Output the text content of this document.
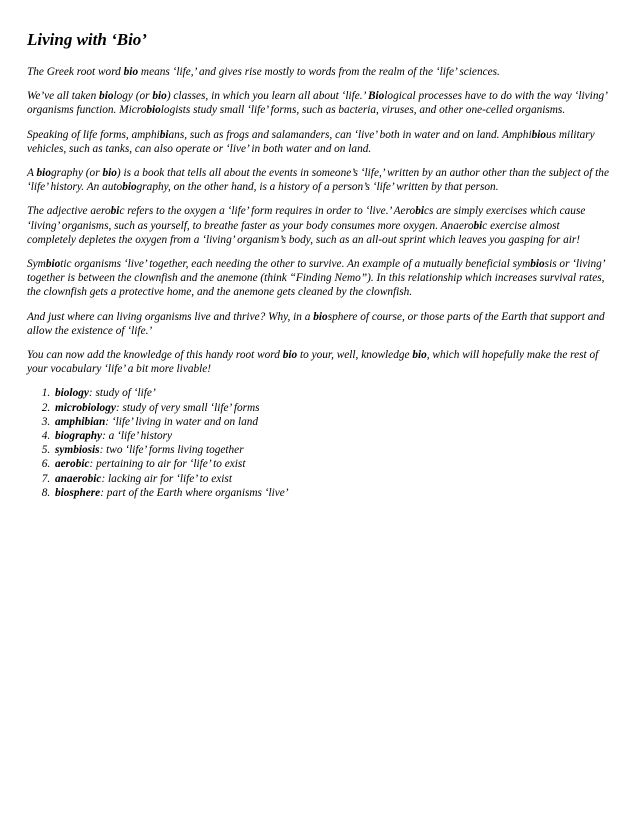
Living with ‘Bio’

The Greek root word bio means ‘life,’ and gives rise mostly to words from the realm of the ‘life’ sciences.

We’ve all taken biology (or bio) classes, in which you learn all about ‘life.’ Biological processes have to do with the way ‘living’ organisms function. Microbiologists study small ‘life’ forms, such as bacteria, viruses, and other one-celled organisms.

Speaking of life forms, amphibians, such as frogs and salamanders, can ‘live’ both in water and on land. Amphibious military vehicles, such as tanks, can also operate or ‘live’ in both water and on land.

A biography (or bio) is a book that tells all about the events in someone’s ‘life,’ written by an author other than the subject of the ‘life’ history. An autobiography, on the other hand, is a history of a person’s ‘life’ written by that person.

The adjective aerobic refers to the oxygen a ‘life’ form requires in order to ‘live.’ Aerobics are simply exercises which cause ‘living’ organisms, such as yourself, to breathe faster as your body consumes more oxygen. Anaerobic exercise almost completely depletes the oxygen from a ‘living’ organism’s body, such as an all-out sprint which leaves you gasping for air!

Symbiotic organisms ‘live’ together, each needing the other to survive. An example of a mutually beneficial symbiosis or ‘living’ together is between the clownfish and the anemone (think “Finding Nemo”). In this relationship which increases survival rates, the clownfish gets a protective home, and the anemone gets cleaned by the clownfish.

And just where can living organisms live and thrive? Why, in a biosphere of course, or those parts of the Earth that support and allow the existence of ‘life.’

You can now add the knowledge of this handy root word bio to your, well, knowledge bio, which will hopefully make the rest of your vocabulary ‘life’ a bit more livable!

1. biology: study of ‘life’
2. microbiology: study of very small ‘life’ forms
3. amphibian: ‘life’ living in water and on land
4. biography: a ‘life’ history
5. symbiosis: two ‘life’ forms living together
6. aerobic: pertaining to air for ‘life’ to exist
7. anaerobic: lacking air for ‘life’ to exist
8. biosphere: part of the Earth where organisms ‘live’
